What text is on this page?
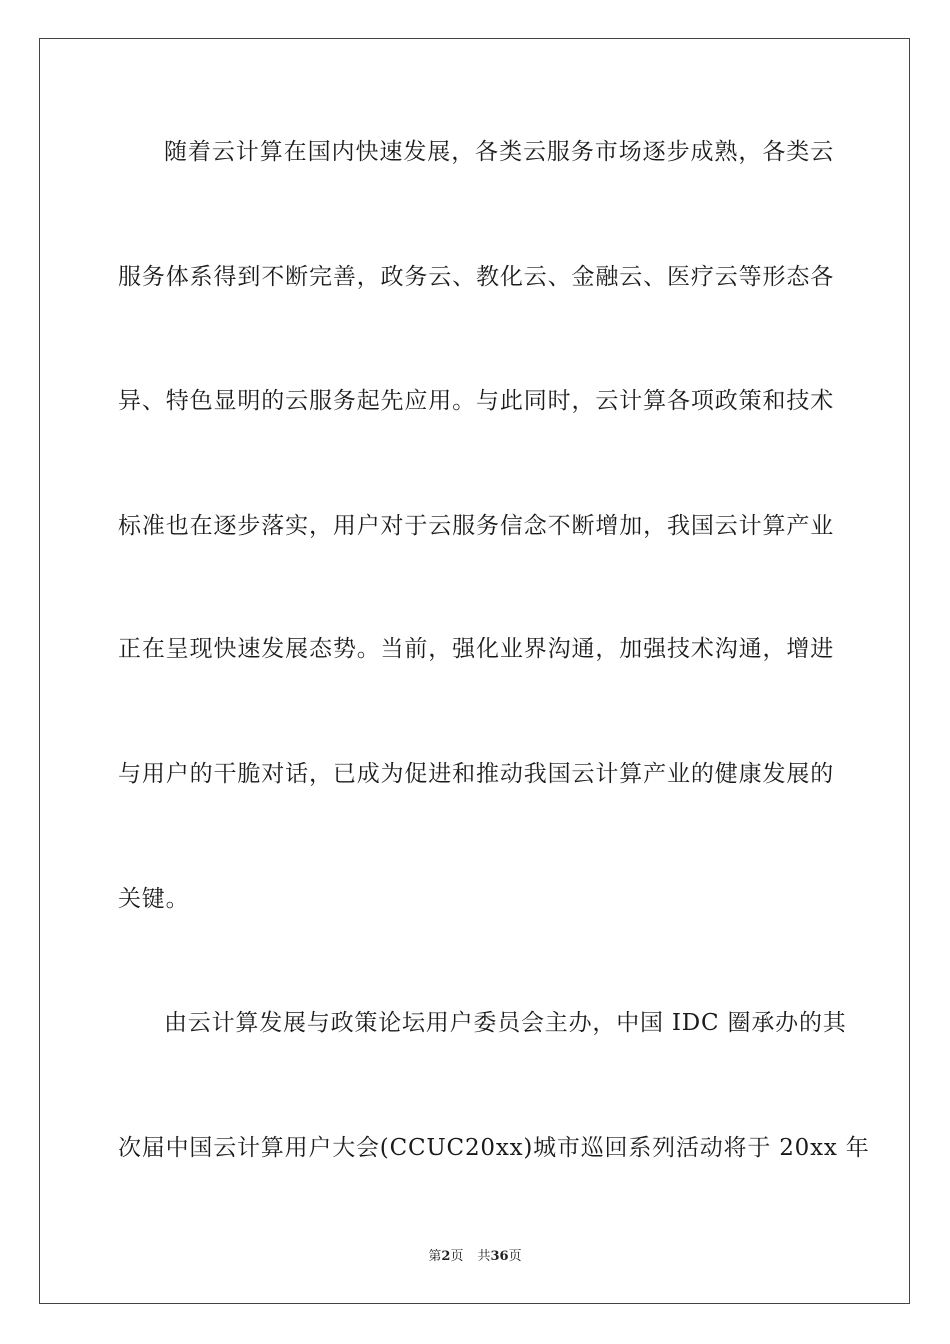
随着云计算在国内快速发展，各类云服务市场逐步成熟，各类云
服务体系得到不断完善，政务云、教化云、金融云、医疗云等形态各
异、特色显明的云服务起先应用。与此同时，云计算各项政策和技术
标准也在逐步落实，用户对于云服务信念不断增加，我国云计算产业
正在呈现快速发展态势。当前，强化业界沟通，加强技术沟通，增进
与用户的干脆对话，已成为促进和推动我国云计算产业的健康发展的
关键。
由云计算发展与政策论坛用户委员会主办，中国 IDC 圈承办的其
次届中国云计算用户大会(CCUC20xx)城市巡回系列活动将于 20xx 年
第2页 共36页
